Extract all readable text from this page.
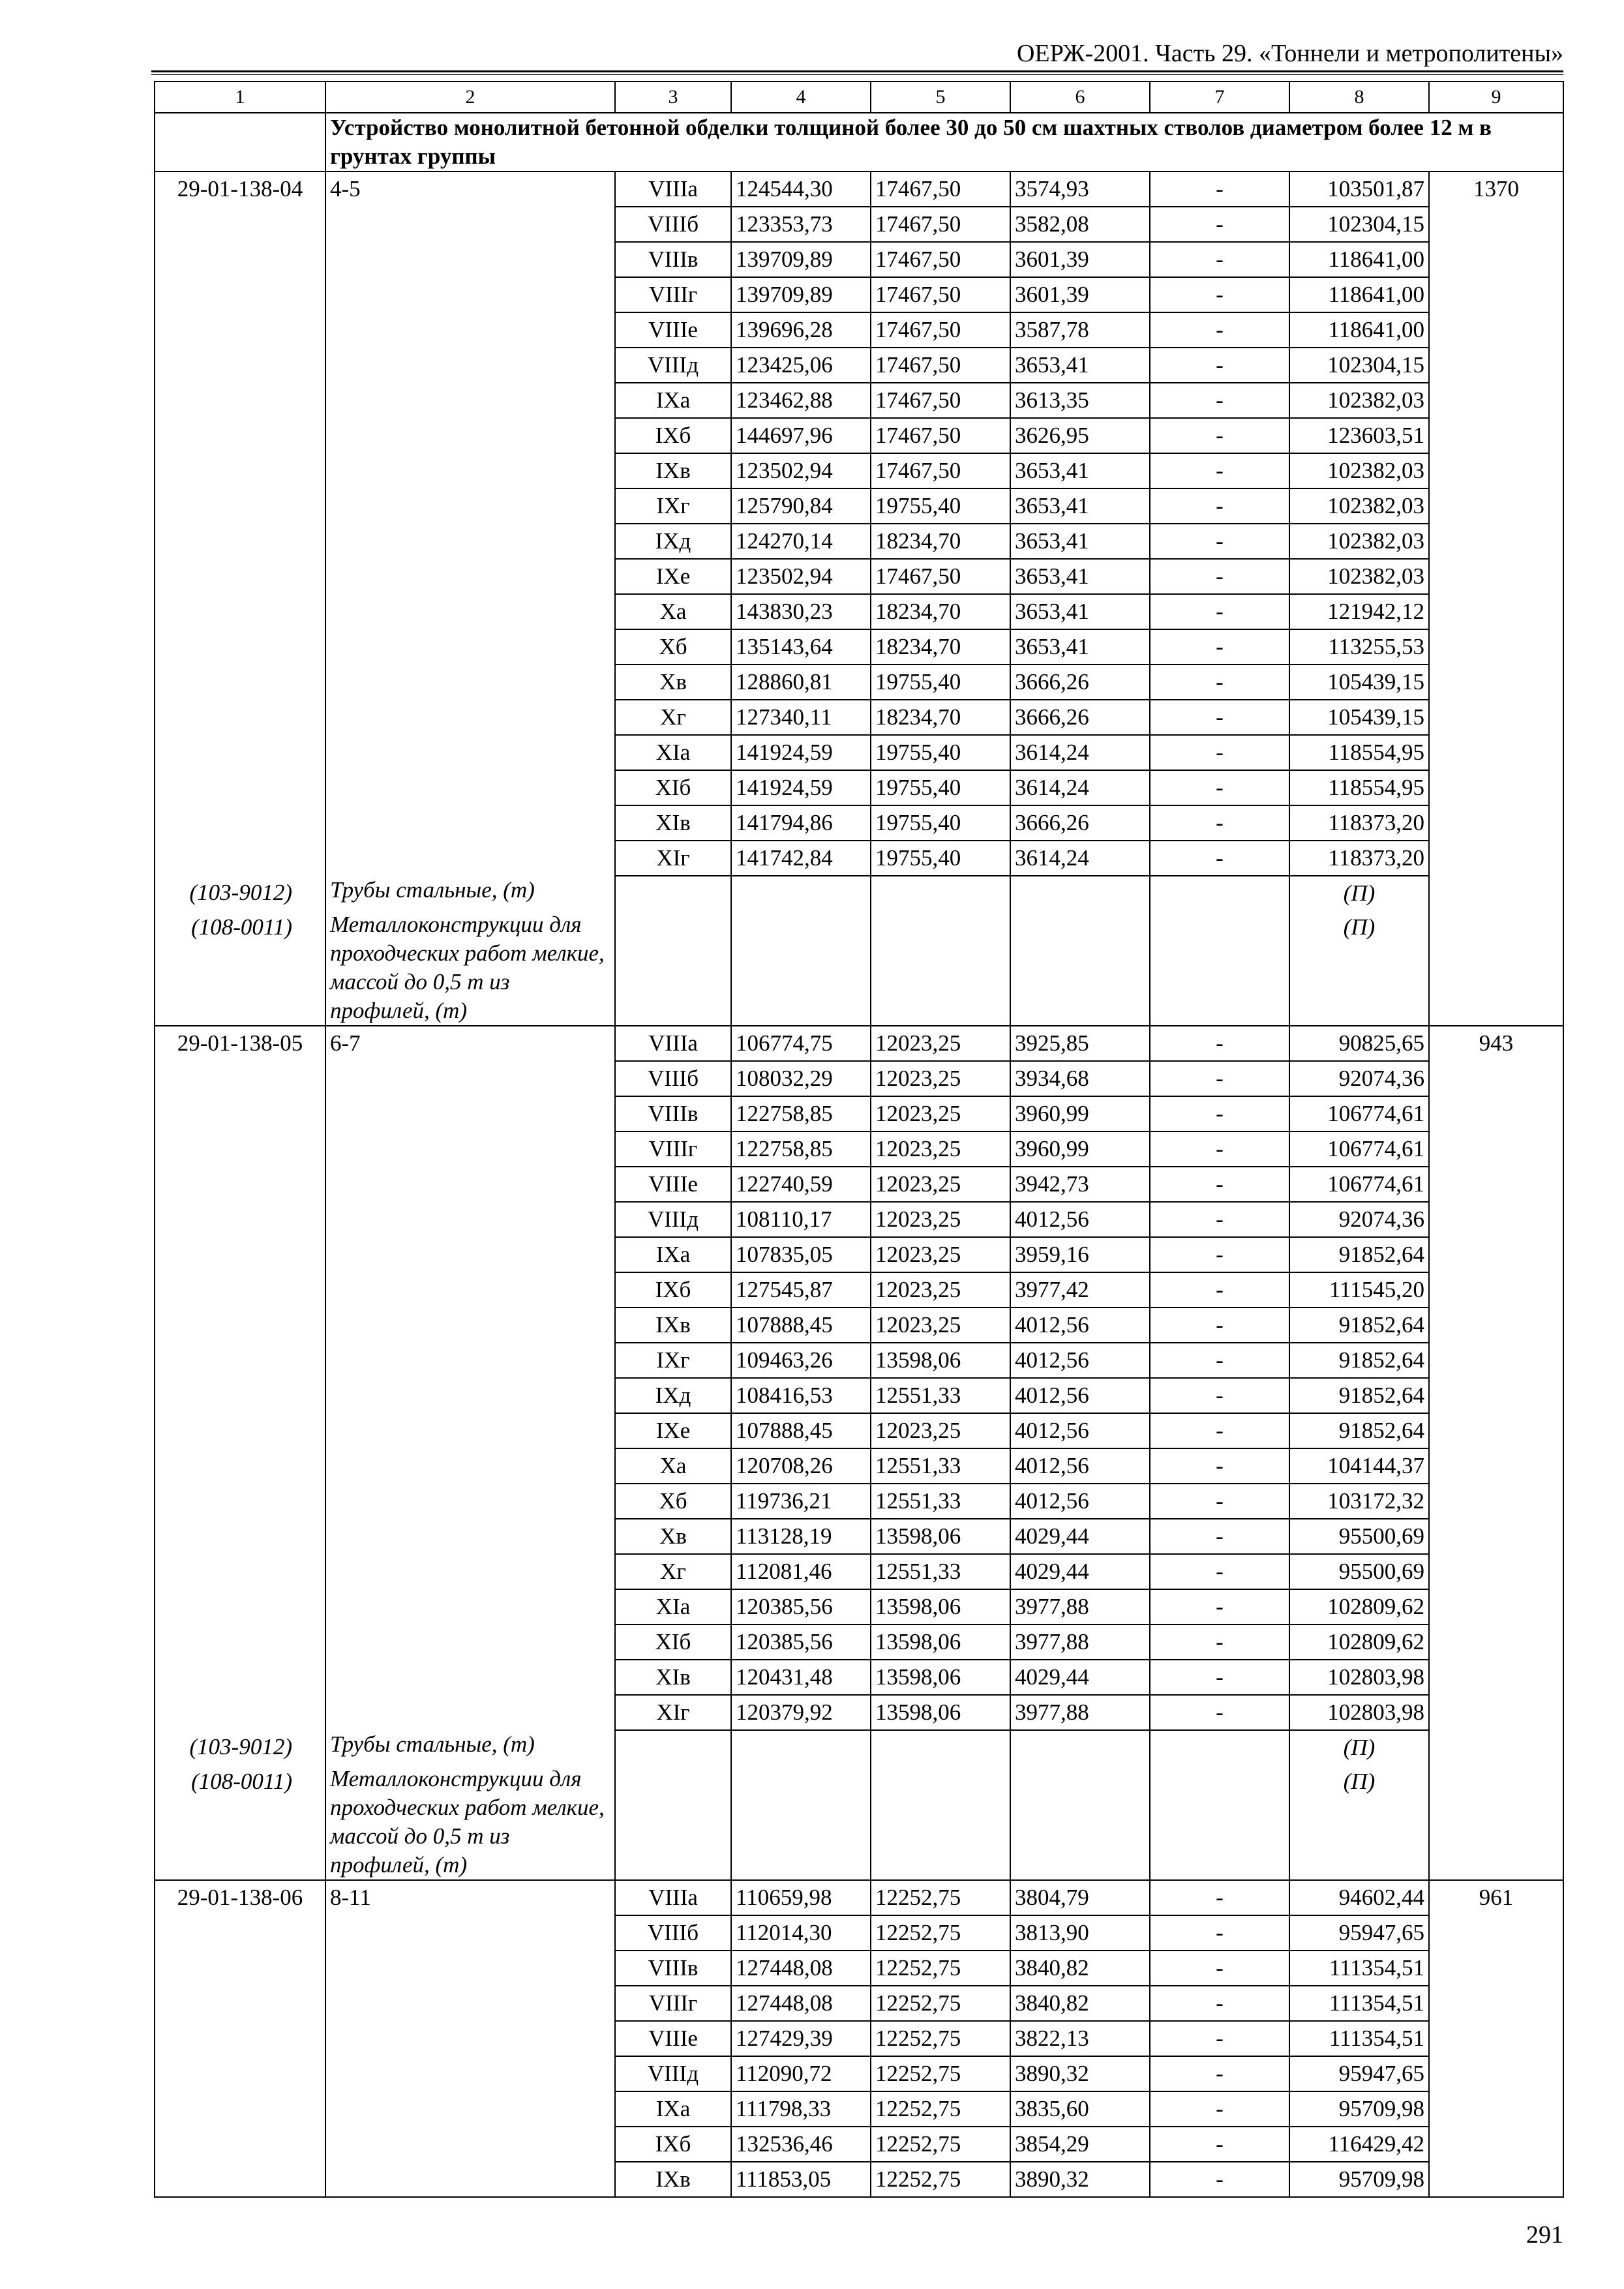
ОЕРЖ-2001. Часть 29. «Тоннели и метрополитены»
1	2	3	4	5	6	7	8	9
	Устройство монолитной бетонной обделки толщиной более 30 до 50 см шахтных стволов диаметром более 12 м в грунтах группы							
29-01-138-04	4-5	VIIIа	124544,30	17467,50	3574,93	-	103501,87	1370
		VIIIб	123353,73	17467,50	3582,08	-	102304,15	
		VIIIв	139709,89	17467,50	3601,39	-	118641,00	
		VIIIг	139709,89	17467,50	3601,39	-	118641,00	
		VIIIе	139696,28	17467,50	3587,78	-	118641,00	
		VIIIд	123425,06	17467,50	3653,41	-	102304,15	
		IXа	123462,88	17467,50	3613,35	-	102382,03	
		IXб	144697,96	17467,50	3626,95	-	123603,51	
		IXв	123502,94	17467,50	3653,41	-	102382,03	
		IXг	125790,84	19755,40	3653,41	-	102382,03	
		IXд	124270,14	18234,70	3653,41	-	102382,03	
		IXе	123502,94	17467,50	3653,41	-	102382,03	
		Xа	143830,23	18234,70	3653,41	-	121942,12	
		Xб	135143,64	18234,70	3653,41	-	113255,53	
		Xв	128860,81	19755,40	3666,26	-	105439,15	
		Xг	127340,11	18234,70	3666,26	-	105439,15	
		XIа	141924,59	19755,40	3614,24	-	118554,95	
		XIб	141924,59	19755,40	3614,24	-	118554,95	
		XIв	141794,86	19755,40	3666,26	-	118373,20	
		XIг	141742,84	19755,40	3614,24	-	118373,20	
(103-9012)	Трубы стальные, (т)						(П)	
(108-0011)	Металлоконструкции для проходческих работ мелкие, массой до 0,5 т из профилей, (т)						(П)	
29-01-138-05	6-7	VIIIа	106774,75	12023,25	3925,85	-	90825,65	943
		VIIIб	108032,29	12023,25	3934,68	-	92074,36	
		VIIIв	122758,85	12023,25	3960,99	-	106774,61	
		VIIIг	122758,85	12023,25	3960,99	-	106774,61	
		VIIIе	122740,59	12023,25	3942,73	-	106774,61	
		VIIIд	108110,17	12023,25	4012,56	-	92074,36	
		IXа	107835,05	12023,25	3959,16	-	91852,64	
		IXб	127545,87	12023,25	3977,42	-	111545,20	
		IXв	107888,45	12023,25	4012,56	-	91852,64	
		IXг	109463,26	13598,06	4012,56	-	91852,64	
		IXд	108416,53	12551,33	4012,56	-	91852,64	
		IXе	107888,45	12023,25	4012,56	-	91852,64	
		Xа	120708,26	12551,33	4012,56	-	104144,37	
		Xб	119736,21	12551,33	4012,56	-	103172,32	
		Xв	113128,19	13598,06	4029,44	-	95500,69	
		Xг	112081,46	12551,33	4029,44	-	95500,69	
		XIа	120385,56	13598,06	3977,88	-	102809,62	
		XIб	120385,56	13598,06	3977,88	-	102809,62	
		XIв	120431,48	13598,06	4029,44	-	102803,98	
		XIг	120379,92	13598,06	3977,88	-	102803,98	
(103-9012)	Трубы стальные, (т)						(П)	
(108-0011)	Металлоконструкции для проходческих работ мелкие, массой до 0,5 т из профилей, (т)						(П)	
29-01-138-06	8-11	VIIIа	110659,98	12252,75	3804,79	-	94602,44	961
		VIIIб	112014,30	12252,75	3813,90	-	95947,65	
		VIIIв	127448,08	12252,75	3840,82	-	111354,51	
		VIIIг	127448,08	12252,75	3840,82	-	111354,51	
		VIIIе	127429,39	12252,75	3822,13	-	111354,51	
		VIIIд	112090,72	12252,75	3890,32	-	95947,65	
		IXа	111798,33	12252,75	3835,60	-	95709,98	
		IXб	132536,46	12252,75	3854,29	-	116429,42	
		IXв	111853,05	12252,75	3890,32	-	95709,98	
291
